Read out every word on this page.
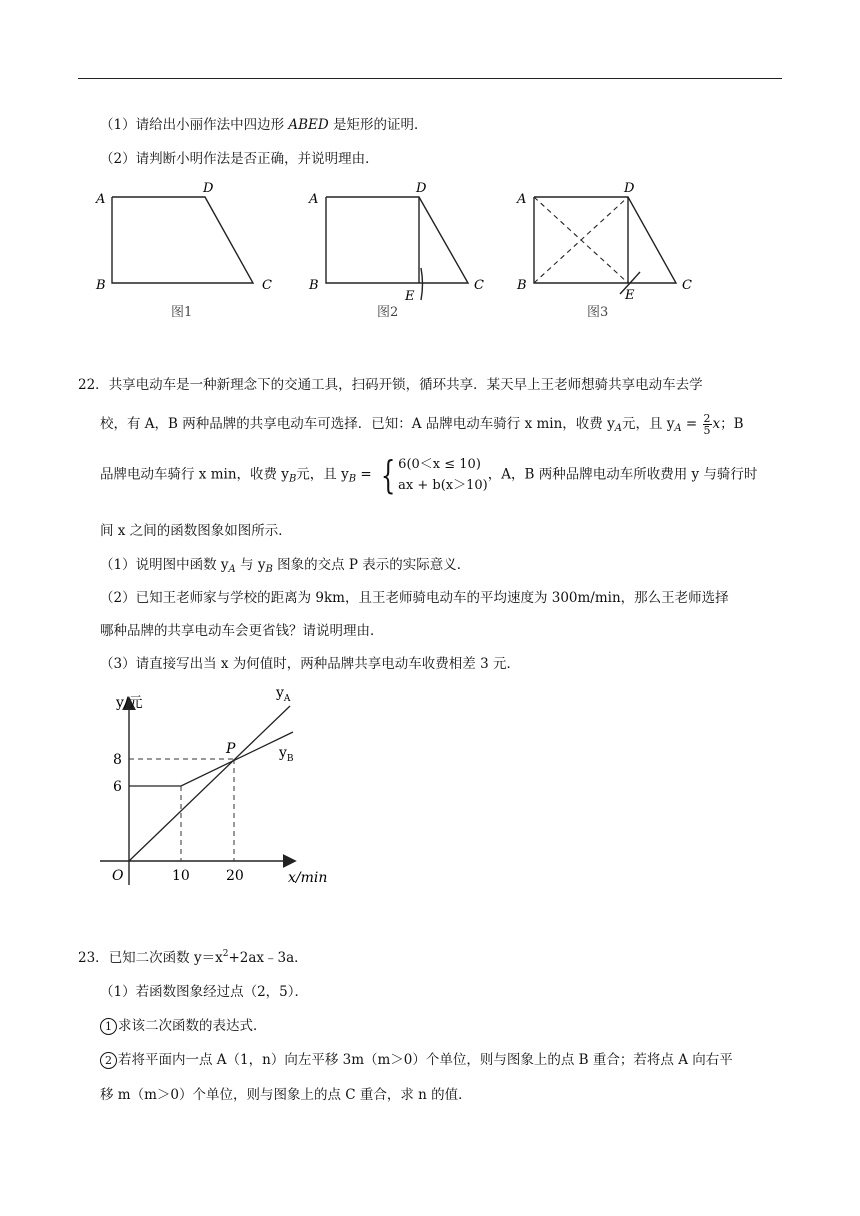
（1）请给出小丽作法中四边形 ABED 是矩形的证明．
（2）请判断小明作法是否正确，并说明理由．
A
B	C
D
图1
A
B	C
D
E
图2
A
B	C
D
E
图3
22．共享电动车是一种新理念下的交通工具，扫码开锁，循环共享．某天早上王老师想骑共享电动车去学
校，有 A，B 两种品牌的共享电动车可选择．已知：A 品牌电动车骑行 x min，收费 $y_A$元，且 $y_A = \frac{2}{5}$ x；B
品牌电动车骑行 x min，收费 $y_B$元，且 $y_B$ = { 6(0＜x ≤ 10)
ax + b(x＞10)
，A，B 两种品牌电动车所收费用 y 与骑行时
间 x 之间的函数图象如图所示．
（1）说明图中函数 $y_A$ 与 $y_B$ 图象的交点 P 表示的实际意义．
（2）已知王老师家与学校的距离为 9km，且王老师骑电动车的平均速度为 300m/min，那么王老师选择
哪种品牌的共享电动车会更省钱？请说明理由．
（3）请直接写出当 x 为何值时，两种品牌共享电动车收费相差 3 元．
y/元
x/min
O
8
6
10	20
P
$y_A$
$y_B$
23．已知二次函数 $y=x^2+2ax﹣3a$．
（1）若函数图象经过点（2，5）．
1 求该二次函数的表达式．
2 若将平面内一点 A（1，n）向左平移 3m（m＞0）个单位，则与图象上的点 B 重合；若将点 A 向右平
移 m（m＞0）个单位，则与图象上的点 C 重合，求 n 的值．
